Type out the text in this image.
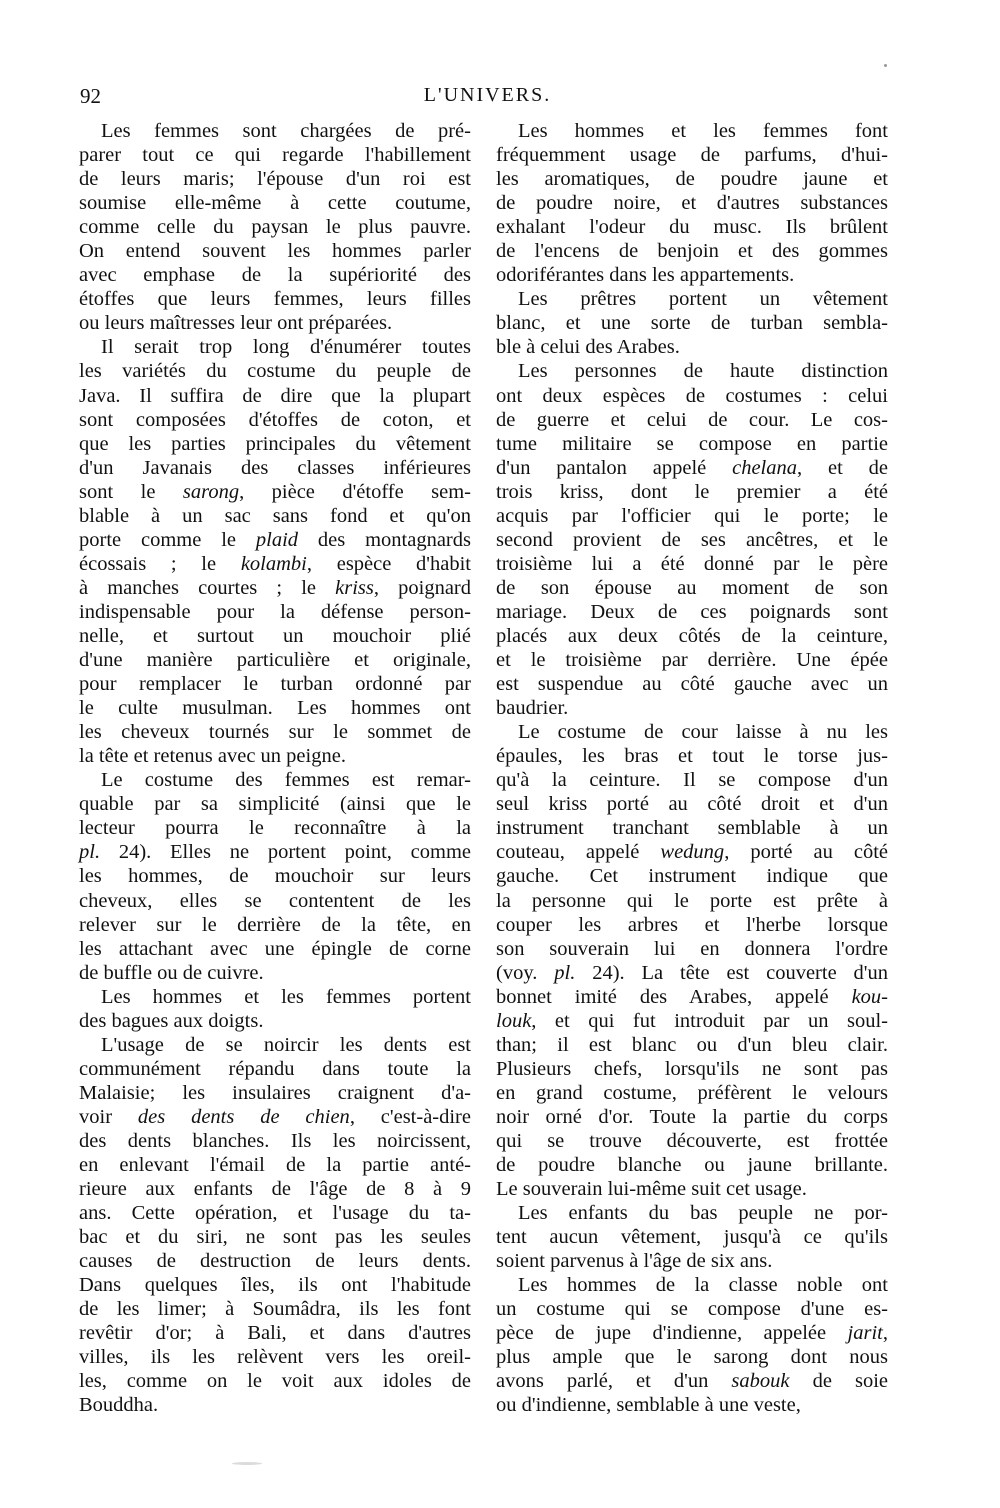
92	L'UNIVERS.
Les femmes sont chargées de pré-
parer tout ce qui regarde l'habillement
de leurs maris; l'épouse d'un roi est
soumise elle-même à cette coutume,
comme celle du paysan le plus pauvre.
On entend souvent les hommes parler
avec emphase de la supériorité des
étoffes que leurs femmes, leurs filles
ou leurs maîtresses leur ont préparées.
Il serait trop long d'énumérer toutes
les variétés du costume du peuple de
Java. Il suffira de dire que la plupart
sont composées d'étoffes de coton, et
que les parties principales du vêtement
d'un Javanais des classes inférieures
sont le sarong, pièce d'étoffe sem-
blable à un sac sans fond et qu'on
porte comme le plaid des montagnards
écossais ; le kolambi, espèce d'habit
à manches courtes ; le kriss, poignard
indispensable pour la défense person-
nelle, et surtout un mouchoir plié
d'une manière particulière et originale,
pour remplacer le turban ordonné par
le culte musulman. Les hommes ont
les cheveux tournés sur le sommet de
la tête et retenus avec un peigne.
Le costume des femmes est remar-
quable par sa simplicité (ainsi que le
lecteur pourra le reconnaître à la
pl. 24). Elles ne portent point, comme
les hommes, de mouchoir sur leurs
cheveux, elles se contentent de les
relever sur le derrière de la tête, en
les attachant avec une épingle de corne
de buffle ou de cuivre.
Les hommes et les femmes portent
des bagues aux doigts.
L'usage de se noircir les dents est
communément répandu dans toute la
Malaisie; les insulaires craignent d'a-
voir des dents de chien, c'est-à-dire
des dents blanches. Ils les noircissent,
en enlevant l'émail de la partie anté-
rieure aux enfants de l'âge de 8 à 9
ans. Cette opération, et l'usage du ta-
bac et du siri, ne sont pas les seules
causes de destruction de leurs dents.
Dans quelques îles, ils ont l'habitude
de les limer; à Soumâdra, ils les font
revêtir d'or; à Bali, et dans d'autres
villes, ils les relèvent vers les oreil-
les, comme on le voit aux idoles de
Bouddha.
Les hommes et les femmes font
fréquemment usage de parfums, d'hui-
les aromatiques, de poudre jaune et
de poudre noire, et d'autres substances
exhalant l'odeur du musc. Ils brûlent
de l'encens de benjoin et des gommes
odoriférantes dans les appartements.
Les prêtres portent un vêtement
blanc, et une sorte de turban sembla-
ble à celui des Arabes.
Les personnes de haute distinction
ont deux espèces de costumes : celui
de guerre et celui de cour. Le cos-
tume militaire se compose en partie
d'un pantalon appelé chelana, et de
trois kriss, dont le premier a été
acquis par l'officier qui le porte; le
second provient de ses ancêtres, et le
troisième lui a été donné par le père
de son épouse au moment de son
mariage. Deux de ces poignards sont
placés aux deux côtés de la ceinture,
et le troisième par derrière. Une épée
est suspendue au côté gauche avec un
baudrier.
Le costume de cour laisse à nu les
épaules, les bras et tout le torse jus-
qu'à la ceinture. Il se compose d'un
seul kriss porté au côté droit et d'un
instrument tranchant semblable à un
couteau, appelé wedung, porté au côté
gauche. Cet instrument indique que
la personne qui le porte est prête à
couper les arbres et l'herbe lorsque
son souverain lui en donnera l'ordre
(voy. pl. 24). La tête est couverte d'un
bonnet imité des Arabes, appelé kou-
louk, et qui fut introduit par un soul-
than; il est blanc ou d'un bleu clair.
Plusieurs chefs, lorsqu'ils ne sont pas
en grand costume, préfèrent le velours
noir orné d'or. Toute la partie du corps
qui se trouve découverte, est frottée
de poudre blanche ou jaune brillante.
Le souverain lui-même suit cet usage.
Les enfants du bas peuple ne por-
tent aucun vêtement, jusqu'à ce qu'ils
soient parvenus à l'âge de six ans.
Les hommes de la classe noble ont
un costume qui se compose d'une es-
pèce de jupe d'indienne, appelée jarit,
plus ample que le sarong dont nous
avons parlé, et d'un sabouk de soie
ou d'indienne, semblable à une veste,
